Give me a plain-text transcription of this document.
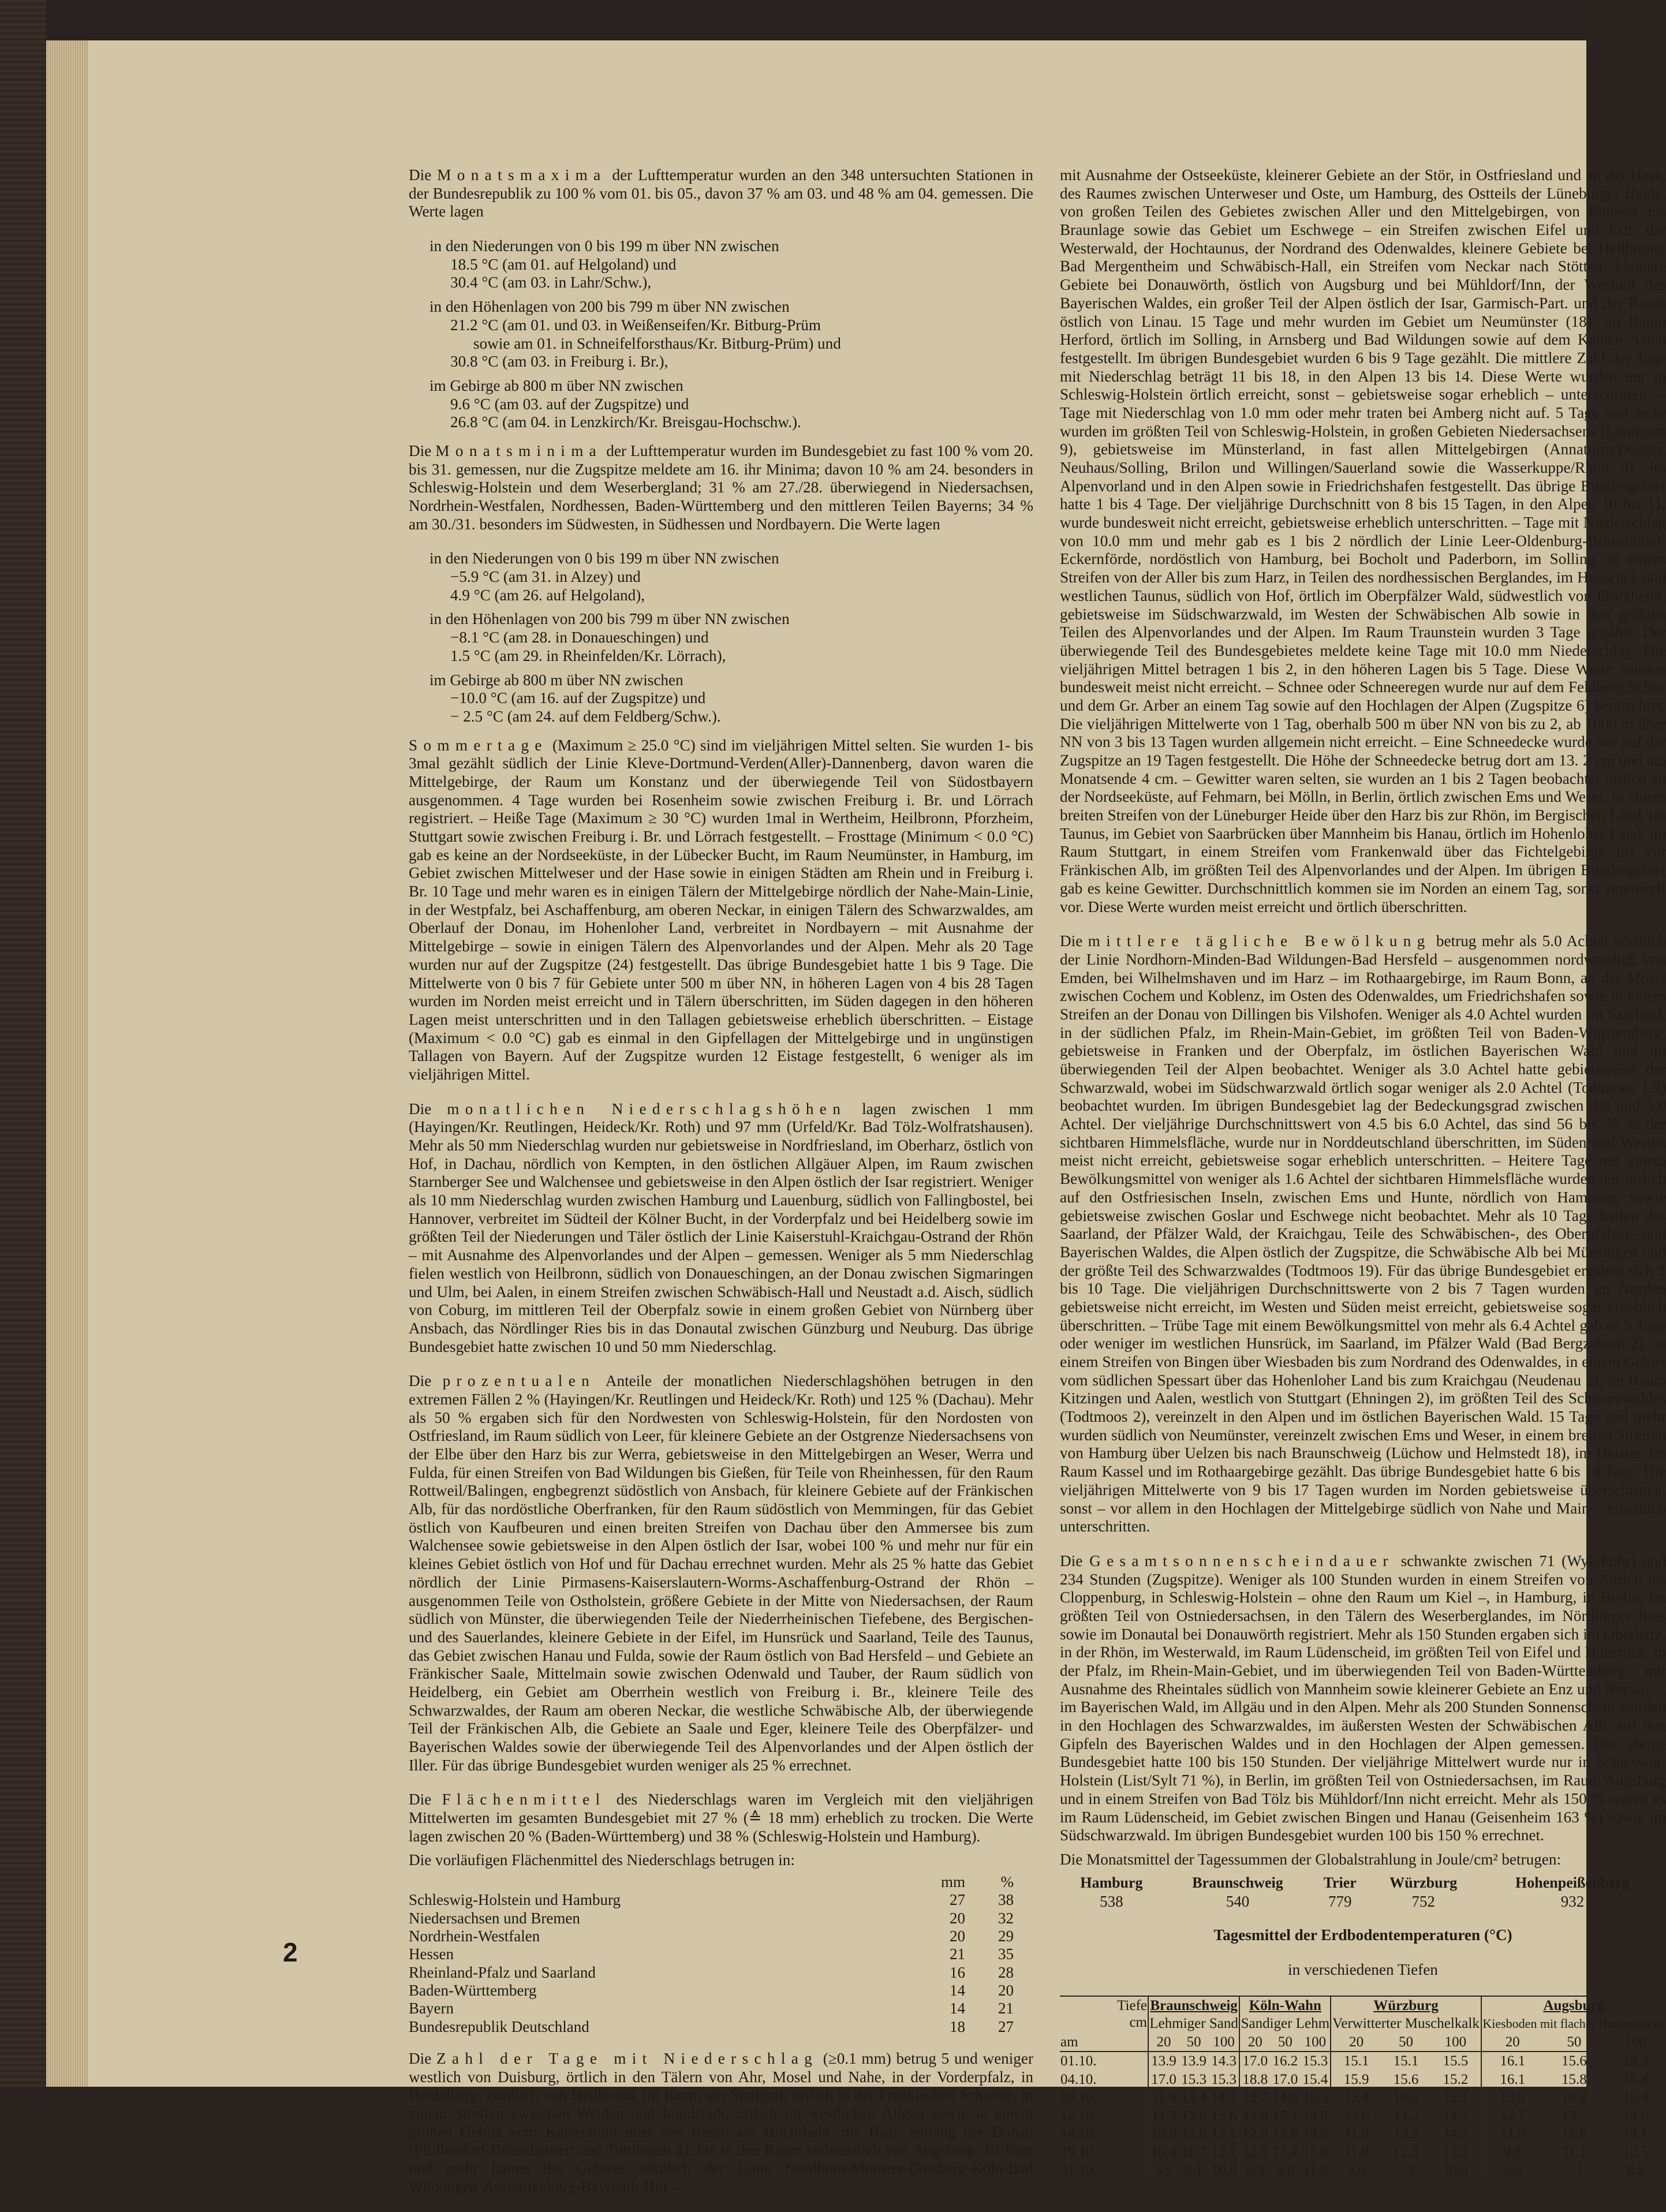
Die Monatsmaxima der Lufttemperatur wurden an den 348 untersuchten Stationen in der Bundesrepublik zu 100 % vom 01. bis 05., davon 37 % am 03. und 48 % am 04. gemessen. Die Werte lagen

in den Niederungen von 0 bis 199 m über NN zwischen
18.5 °C (am 01. auf Helgoland) und
30.4 °C (am 03. in Lahr/Schw.),
in den Höhenlagen von 200 bis 799 m über NN zwischen
21.2 °C (am 01. und 03. in Weißenseifen/Kr. Bitburg-Prüm
sowie am 01. in Schneifelforsthaus/Kr. Bitburg-Prüm) und
30.8 °C (am 03. in Freiburg i. Br.),
im Gebirge ab 800 m über NN zwischen
9.6 °C (am 03. auf der Zugspitze) und
26.8 °C (am 04. in Lenzkirch/Kr. Breisgau-Hochschw.).

Die Monatsminima der Lufttemperatur wurden im Bundesgebiet zu fast 100 % vom 20. bis 31. gemessen, nur die Zugspitze meldete am 16. ihr Minima; davon 10 % am 24. besonders in Schleswig-Holstein und dem Weserbergland; 31 % am 27./28. überwiegend in Niedersachsen, Nordrhein-Westfalen, Nordhessen, Baden-Württemberg und den mittleren Teilen Bayerns; 34 % am 30./31. besonders im Südwesten, in Südhessen und Nordbayern. Die Werte lagen

in den Niederungen von 0 bis 199 m über NN zwischen
−5.9 °C (am 31. in Alzey) und
4.9 °C (am 26. auf Helgoland),
in den Höhenlagen von 200 bis 799 m über NN zwischen
−8.1 °C (am 28. in Donaueschingen) und
1.5 °C (am 29. in Rheinfelden/Kr. Lörrach),
im Gebirge ab 800 m über NN zwischen
−10.0 °C (am 16. auf der Zugspitze) und
− 2.5 °C (am 24. auf dem Feldberg/Schw.).

Sommertage (Maximum ≥ 25.0 °C) sind im vieljährigen Mittel selten. Sie wurden 1- bis 3mal gezählt südlich der Linie Kleve-Dortmund-Verden(Aller)-Dannenberg, davon waren die Mittelgebirge, der Raum um Konstanz und der überwiegende Teil von Südostbayern ausgenommen. 4 Tage wurden bei Rosenheim sowie zwischen Freiburg i. Br. und Lörrach registriert. – Heiße Tage (Maximum ≥ 30 °C) wurden 1mal in Wertheim, Heilbronn, Pforzheim, Stuttgart sowie zwischen Freiburg i. Br. und Lörrach festgestellt. – Frosttage (Minimum < 0.0 °C) gab es keine an der Nordseeküste, in der Lübecker Bucht, im Raum Neumünster, in Hamburg, im Gebiet zwischen Mittelweser und der Hase sowie in einigen Städten am Rhein und in Freiburg i. Br. 10 Tage und mehr waren es in einigen Tälern der Mittelgebirge nördlich der Nahe-Main-Linie, in der Westpfalz, bei Aschaffenburg, am oberen Neckar, in einigen Tälern des Schwarzwaldes, am Oberlauf der Donau, im Hohenloher Land, verbreitet in Nordbayern – mit Ausnahme der Mittelgebirge – sowie in einigen Tälern des Alpenvorlandes und der Alpen. Mehr als 20 Tage wurden nur auf der Zugspitze (24) festgestellt. Das übrige Bundesgebiet hatte 1 bis 9 Tage. Die Mittelwerte von 0 bis 7 für Gebiete unter 500 m über NN, in höheren Lagen von 4 bis 28 Tagen wurden im Norden meist erreicht und in Tälern überschritten, im Süden dagegen in den höheren Lagen meist unterschritten und in den Tallagen gebietsweise erheblich überschritten. – Eistage (Maximum < 0.0 °C) gab es einmal in den Gipfellagen der Mittelgebirge und in ungünstigen Tallagen von Bayern. Auf der Zugspitze wurden 12 Eistage festgestellt, 6 weniger als im vieljährigen Mittel.

Die monatlichen Niederschlagshöhen lagen zwischen 1 mm (Hayingen/Kr. Reutlingen, Heideck/Kr. Roth) und 97 mm (Urfeld/Kr. Bad Tölz-Wolfratshausen). Mehr als 50 mm Niederschlag wurden nur gebietsweise in Nordfriesland, im Oberharz, östlich von Hof, in Dachau, nördlich von Kempten, in den östlichen Allgäuer Alpen, im Raum zwischen Starnberger See und Walchensee und gebietsweise in den Alpen östlich der Isar registriert. Weniger als 10 mm Niederschlag wurden zwischen Hamburg und Lauenburg, südlich von Fallingbostel, bei Hannover, verbreitet im Südteil der Kölner Bucht, in der Vorderpfalz und bei Heidelberg sowie im größten Teil der Niederungen und Täler östlich der Linie Kaiserstuhl-Kraichgau-Ostrand der Rhön – mit Ausnahme des Alpenvorlandes und der Alpen – gemessen. Weniger als 5 mm Niederschlag fielen westlich von Heilbronn, südlich von Donaueschingen, an der Donau zwischen Sigmaringen und Ulm, bei Aalen, in einem Streifen zwischen Schwäbisch-Hall und Neustadt a.d. Aisch, südlich von Coburg, im mittleren Teil der Oberpfalz sowie in einem großen Gebiet von Nürnberg über Ansbach, das Nördlinger Ries bis in das Donautal zwischen Günzburg und Neuburg. Das übrige Bundesgebiet hatte zwischen 10 und 50 mm Niederschlag.

Die prozentualen Anteile der monatlichen Niederschlagshöhen betrugen in den extremen Fällen 2 % (Hayingen/Kr. Reutlingen und Heideck/Kr. Roth) und 125 % (Dachau). Mehr als 50 % ergaben sich für den Nordwesten von Schleswig-Holstein, für den Nordosten von Ostfriesland, im Raum südlich von Leer, für kleinere Gebiete an der Ostgrenze Niedersachsens von der Elbe über den Harz bis zur Werra, gebietsweise in den Mittelgebirgen an Weser, Werra und Fulda, für einen Streifen von Bad Wildungen bis Gießen, für Teile von Rheinhessen, für den Raum Rottweil/Balingen, engbegrenzt südöstlich von Ansbach, für kleinere Gebiete auf der Fränkischen Alb, für das nordöstliche Oberfranken, für den Raum südöstlich von Memmingen, für das Gebiet östlich von Kaufbeuren und einen breiten Streifen von Dachau über den Ammersee bis zum Walchensee sowie gebietsweise in den Alpen östlich der Isar, wobei 100 % und mehr nur für ein kleines Gebiet östlich von Hof und für Dachau errechnet wurden. Mehr als 25 % hatte das Gebiet nördlich der Linie Pirmasens-Kaiserslautern-Worms-Aschaffenburg-Ostrand der Rhön – ausgenommen Teile von Ostholstein, größere Gebiete in der Mitte von Niedersachsen, der Raum südlich von Münster, die überwiegenden Teile der Niederrheinischen Tiefebene, des Bergischen- und des Sauerlandes, kleinere Gebiete in der Eifel, im Hunsrück und Saarland, Teile des Taunus, das Gebiet zwischen Hanau und Fulda, sowie der Raum östlich von Bad Hersfeld – und Gebiete an Fränkischer Saale, Mittelmain sowie zwischen Odenwald und Tauber, der Raum südlich von Heidelberg, ein Gebiet am Oberrhein westlich von Freiburg i. Br., kleinere Teile des Schwarzwaldes, der Raum am oberen Neckar, die westliche Schwäbische Alb, der überwiegende Teil der Fränkischen Alb, die Gebiete an Saale und Eger, kleinere Teile des Oberpfälzer- und Bayerischen Waldes sowie der überwiegende Teil des Alpenvorlandes und der Alpen östlich der Iller. Für das übrige Bundesgebiet wurden weniger als 25 % errechnet.

Die Flächenmittel des Niederschlags waren im Vergleich mit den vieljährigen Mittelwerten im gesamten Bundesgebiet mit 27 % (≙ 18 mm) erheblich zu trocken. Die Werte lagen zwischen 20 % (Baden-Württemberg) und 38 % (Schleswig-Holstein und Hamburg).

Die vorläufigen Flächenmittel des Niederschlags betrugen in:

	mm	%
Schleswig-Holstein und Hamburg	27	38
Niedersachsen und Bremen	20	32
Nordrhein-Westfalen	20	29
Hessen	21	35
Rheinland-Pfalz und Saarland	16	28
Baden-Württemberg	14	20
Bayern	14	21
Bundesrepublik Deutschland	18	27

Die Zahl der Tage mit Niederschlag (≥0.1 mm) betrug 5 und weniger westlich von Duisburg, örtlich in den Tälern von Ahr, Mosel und Nahe, in der Vorderpfalz, in Heidelberg, nördlich von Heilbronn, im Raum um Stuttgart, örtlich in der Fränkischen Schweiz, in einem Streifen zwischen Weiden und Ingolstadt, örtlich im westlichen Allgäu sowie in einem großen Gebiet vom Kaiserstuhl über den Raum am Hochrhein, die Baar, entlang der Donau (Pfullendorf-Brunnhausen und Tuttlingen 2), bis in den Raum südwestlich von Augsburg. 10 Tage und mehr hatten die Gebiete nördlich der Linie Nordhorn-Münster-Duisburg-Köln-Bad Wildungen-Aschaffenburg-Bayreuth-Hof –

mit Ausnahme der Ostseeküste, kleinerer Gebiete an der Stör, in Ostfriesland und an der Hase, des Raumes zwischen Unterweser und Oste, um Hamburg, des Ostteils der Lüneburger Heide, von großen Teilen des Gebietes zwischen Aller und den Mittelgebirgen, von Einbeck bis Braunlage sowie das Gebiet um Eschwege – ein Streifen zwischen Eifel und Erft, der Westerwald, der Hochtaunus, der Nordrand des Odenwaldes, kleinere Gebiete bei Heilbronn, Bad Mergentheim und Schwäbisch-Hall, ein Streifen vom Neckar nach Stötten, kleinere Gebiete bei Donauwörth, östlich von Augsburg und bei Mühldorf/Inn, der Westteil des Bayerischen Waldes, ein großer Teil der Alpen östlich der Isar, Garmisch-Part. und der Raum östlich von Linau. 15 Tage und mehr wurden im Gebiet um Neumünster (18), im Raum Herford, örtlich im Solling, in Arnsberg und Bad Wildungen sowie auf dem Kahlen Asten festgestellt. Im übrigen Bundesgebiet wurden 6 bis 9 Tage gezählt. Die mittlere Zahl der Tage mit Niederschlag beträgt 11 bis 18, in den Alpen 13 bis 14. Diese Werte wurden nur in Schleswig-Holstein örtlich erreicht, sonst – gebietsweise sogar erheblich – unterschritten. – Tage mit Niederschlag von 1.0 mm oder mehr traten bei Amberg nicht auf. 5 Tage und mehr wurden im größten Teil von Schleswig-Holstein, in großen Gebieten Niedersachsens (Löningen 9), gebietsweise im Münsterland, in fast allen Mittelgebirgen (Annaturm/Deister, Neuhaus/Solling, Brilon und Willingen/Sauerland sowie die Wasserkuppe/Rhön 9), im Alpenvorland und in den Alpen sowie in Friedrichshafen festgestellt. Das übrige Bundesgebiet hatte 1 bis 4 Tage. Der vieljährige Durchschnitt von 8 bis 15 Tagen, in den Alpen 10 bis 11, wurde bundesweit nicht erreicht, gebietsweise erheblich unterschritten. – Tage mit Niederschlag von 10.0 mm und mehr gab es 1 bis 2 nördlich der Linie Leer-Oldenburg-Brunsbüttel-Eckernförde, nordöstlich von Hamburg, bei Bocholt und Paderborn, im Solling, in einem Streifen von der Aller bis zum Harz, in Teilen des nordhessischen Berglandes, im Hunsrück und westlichen Taunus, südlich von Hof, örtlich im Oberpfälzer Wald, südwestlich von Pforzheim, gebietsweise im Südschwarzwald, im Westen der Schwäbischen Alb sowie in den größten Teilen des Alpenvorlandes und der Alpen. Im Raum Traunstein wurden 3 Tage gezählt. Der überwiegende Teil des Bundesgebietes meldete keine Tage mit 10.0 mm Niederschlag. Die vieljährigen Mittel betragen 1 bis 2, in den höheren Lagen bis 5 Tage. Diese Werte wurden bundesweit meist nicht erreicht. – Schnee oder Schneeregen wurde nur auf dem Feldberg/Schw. und dem Gr. Arber an einem Tag sowie auf den Hochlagen der Alpen (Zugspitze 6) beobachtet. Die vieljährigen Mittelwerte von 1 Tag, oberhalb 500 m über NN von bis zu 2, ab 1000 m über NN von 3 bis 13 Tagen wurden allgemein nicht erreicht. – Eine Schneedecke wurde nur auf der Zugspitze an 19 Tagen festgestellt. Die Höhe der Schneedecke betrug dort am 13. 2 cm und am Monatsende 4 cm. – Gewitter waren selten, sie wurden an 1 bis 2 Tagen beobachtet örtlich an der Nordseeküste, auf Fehmarn, bei Mölln, in Berlin, örtlich zwischen Ems und Weser, in einem breiten Streifen von der Lüneburger Heide über den Harz bis zur Rhön, im Bergischen Land, im Taunus, im Gebiet von Saarbrücken über Mannheim bis Hanau, örtlich im Hohenloher Land, im Raum Stuttgart, in einem Streifen vom Frankenwald über das Fichtelgebirge bis zur Fränkischen Alb, im größten Teil des Alpenvorlandes und der Alpen. Im übrigen Bundesgebiet gab es keine Gewitter. Durchschnittlich kommen sie im Norden an einem Tag, sonst vereinzelt vor. Diese Werte wurden meist erreicht und örtlich überschritten.

Die mittlere tägliche Bewölkung betrug mehr als 5.0 Achtel nördlich der Linie Nordhorn-Minden-Bad Wildungen-Bad Hersfeld – ausgenommen nordwestlich von Emden, bei Wilhelmshaven und im Harz – im Rothaargebirge, im Raum Bonn, an der Mosel zwischen Cochem und Koblenz, im Osten des Odenwaldes, um Friedrichshafen sowie in einem Streifen an der Donau von Dillingen bis Vilshofen. Weniger als 4.0 Achtel wurden im Saarland, in der südlichen Pfalz, im Rhein-Main-Gebiet, im größten Teil von Baden-Württemberg, gebietsweise in Franken und der Oberpfalz, im östlichen Bayerischen Wald und im überwiegenden Teil der Alpen beobachtet. Weniger als 3.0 Achtel hatte gebietsweise der Schwarzwald, wobei im Südschwarzwald örtlich sogar weniger als 2.0 Achtel (Todtmoos 1.9) beobachtet wurden. Im übrigen Bundesgebiet lag der Bedeckungsgrad zwischen 4.0 und 5.0 Achtel. Der vieljährige Durchschnittswert von 4.5 bis 6.0 Achtel, das sind 56 bis 75 % der sichtbaren Himmelsfläche, wurde nur in Norddeutschland überschritten, im Süden und Westen meist nicht erreicht, gebietsweise sogar erheblich unterschritten. – Heitere Tage mit einem Bewölkungsmittel von weniger als 1.6 Achtel der sichtbaren Himmelsfläche wurden nur örtlich auf den Ostfriesischen Inseln, zwischen Ems und Hunte, nördlich von Hamburg, sowie gebietsweise zwischen Goslar und Eschwege nicht beobachtet. Mehr als 10 Tage hatten das Saarland, der Pfälzer Wald, der Kraichgau, Teile des Schwäbischen-, des Oberpfälzer- und Bayerischen Waldes, die Alpen östlich der Zugspitze, die Schwäbische Alb bei Münsingen und der größte Teil des Schwarzwaldes (Todtmoos 19). Für das übrige Bundesgebiet ergaben sich 1 bis 10 Tage. Die vieljährigen Durchschnittswerte von 2 bis 7 Tagen wurden im Norden gebietsweise nicht erreicht, im Westen und Süden meist erreicht, gebietsweise sogar erheblich überschritten. – Trübe Tage mit einem Bewölkungsmittel von mehr als 6.4 Achtel gab es 5 Tage oder weniger im westlichen Hunsrück, im Saarland, im Pfälzer Wald (Bad Bergzabern 2), in einem Streifen von Bingen über Wiesbaden bis zum Nordrand des Odenwaldes, in einem Gebiet vom südlichen Spessart über das Hohenloher Land bis zum Kraichgau (Neudenau 2), im Raum Kitzingen und Aalen, westlich von Stuttgart (Ehningen 2), im größten Teil des Schwarzwaldes (Todtmoos 2), vereinzelt in den Alpen und im östlichen Bayerischen Wald. 15 Tage und mehr wurden südlich von Neumünster, vereinzelt zwischen Ems und Weser, in einem breiten Streifen von Hamburg über Uelzen bis nach Braunschweig (Lüchow und Helmstedt 18), im Deister, im Raum Kassel und im Rothaargebirge gezählt. Das übrige Bundesgebiet hatte 6 bis 14 Tage. Die vieljährigen Mittelwerte von 9 bis 17 Tagen wurden im Norden gebietsweise überschritten, sonst – vor allem in den Hochlagen der Mittelgebirge südlich von Nahe und Main – erheblich unterschritten.

Die Gesamtsonnenscheindauer schwankte zwischen 71 (Wyk/Föhr) und 234 Stunden (Zugspitze). Weniger als 100 Stunden wurden in einem Streifen von Aurich bis Cloppenburg, in Schleswig-Holstein – ohne den Raum um Kiel –, in Hamburg, in Berlin, im größten Teil von Ostniedersachsen, in den Tälern des Weserberglandes, im Nördlinger Ries sowie im Donautal bei Donauwörth registriert. Mehr als 150 Stunden ergaben sich im Oberharz, in der Rhön, im Westerwald, im Raum Lüdenscheid, im größten Teil von Eifel und Hunsrück, in der Pfalz, im Rhein-Main-Gebiet, und im überwiegenden Teil von Baden-Württemberg – mit Ausnahme des Rheintales südlich von Mannheim sowie kleinerer Gebiete an Enz und Neckar –, im Bayerischen Wald, im Allgäu und in den Alpen. Mehr als 200 Stunden Sonnenschein wurden in den Hochlagen des Schwarzwaldes, im äußersten Westen der Schwäbischen Alb, auf den Gipfeln des Bayerischen Waldes und in den Hochlagen der Alpen gemessen. Das übrige Bundesgebiet hatte 100 bis 150 Stunden. Der vieljährige Mittelwert wurde nur in Schleswig-Holstein (List/Sylt 71 %), in Berlin, im größten Teil von Ostniedersachsen, im Raum Augsburg und in einem Streifen von Bad Tölz bis Mühldorf/Inn nicht erreicht. Mehr als 150 % waren es im Raum Lüdenscheid, im Gebiet zwischen Bingen und Hanau (Geisenheim 163 %) sowie im Südschwarzwald. Im übrigen Bundesgebiet wurden 100 bis 150 % errechnet.

Die Monatsmittel der Tagessummen der Globalstrahlung in Joule/cm² betrugen:

Hamburg	Braunschweig	Trier	Würzburg	Hohenpeißenberg
538	540	779	752	932

Tagesmittel der Erdbodentemperaturen (°C)

in verschiedenen Tiefen

Tiefe
cm	Braunschweig			Köln-Wahn			Würzburg			Augsburg		
	Lehmiger Sand			Sandiger Lehm			Verwitterter Muschelkalk			Kiesboden mit flacher Humusdecke		
am	20	50	100	20	50	100	20	50	100	20	50	100
01.10.	13.9	13.9	14.3	17.0	16.2	15.3	15.1	15.1	15.5	16.1	15.6	15.3
04.10.	17.0	15.3	15.3	18.8	17.0	15.4	15.9	15.6	15.2	16.1	15.8	15.4
09.10.	11.9	13.4	14.3	12.7	14.8	15.3	12.4	14.6	15.1	13.5	14.8	15.4
12.10.	11.2	12.8	13.6	14.8	15.1	14.8	13.6	14.2	14.5	12.7	13.7	14.6
14.10.	10.9	12.0	13.1	12.0	13.6	14.6	11.6	13.2	14.2	11.0	12.8	14.1
19.10.	10.4	11.7	12.7	12.6	13.4	13.9	11.0	12.3	13.2	9.8	11.1	12.5
31.10.	5.5	8.1	10.0	6.3	9.0	11.3	5.0	7.3	10.0	5.6	7.1	8.8
2
